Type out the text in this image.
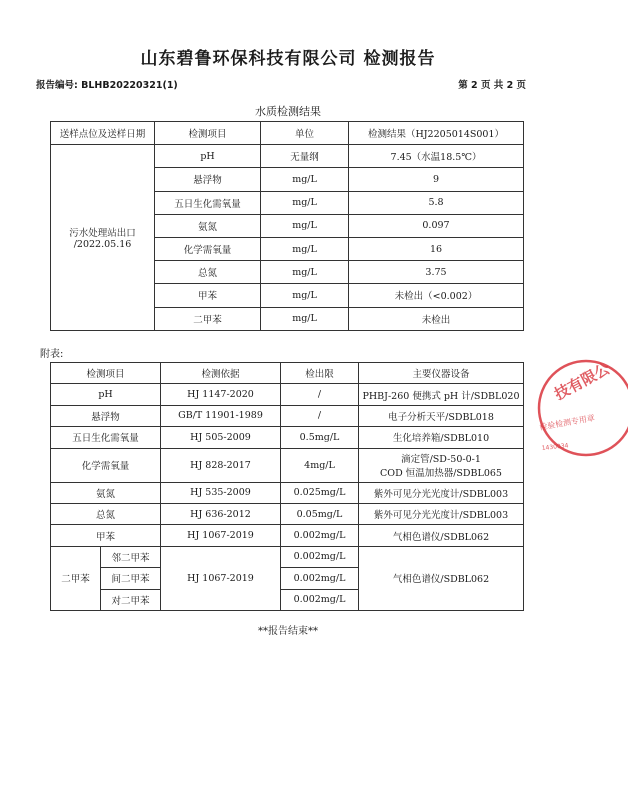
山东碧鲁环保科技有限公司 检测报告
报告编号: BLHB20220321(1)	第 2 页 共 2 页
水质检测结果
送样点位及送样日期	检测项目	单位	检测结果（HJ2205014S001）

污水处理站出口
/2022.05.16	pH	无量纲	7.45（水温18.5℃）
	悬浮物	mg/L	9
	五日生化需氧量	mg/L	5.8
	氨氮	mg/L	0.097
	化学需氧量	mg/L	16
	总氮	mg/L	3.75
	甲苯	mg/L	未检出（<0.002）
	二甲苯	mg/L	未检出
附表:
检测项目		检测依据	检出限	主要仪器设备
pH		HJ 1147-2020	/	PHBJ-260 便携式 pH 计/SDBL020
悬浮物		GB/T 11901-1989	/	电子分析天平/SDBL018
五日生化需氧量		HJ 505-2009	0.5mg/L	生化培养箱/SDBL010
化学需氧量		HJ 828-2017	4mg/L	滴定管/SD-50-0-1
COD 恒温加热器/SDBL065

氨氮		HJ 535-2009	0.025mg/L	紫外可见分光光度计/SDBL003
总氮		HJ 636-2012	0.05mg/L	紫外可见分光光度计/SDBL003
甲苯		HJ 1067-2019	0.002mg/L	气相色谱仪/SDBL062
二甲苯	邻二甲苯	HJ 1067-2019	0.002mg/L	气相色谱仪/SDBL062
	间二甲苯		0.002mg/L	
	对二甲苯		0.002mg/L	
**报告结束**
技有限公
检验检测专用章
1430034
